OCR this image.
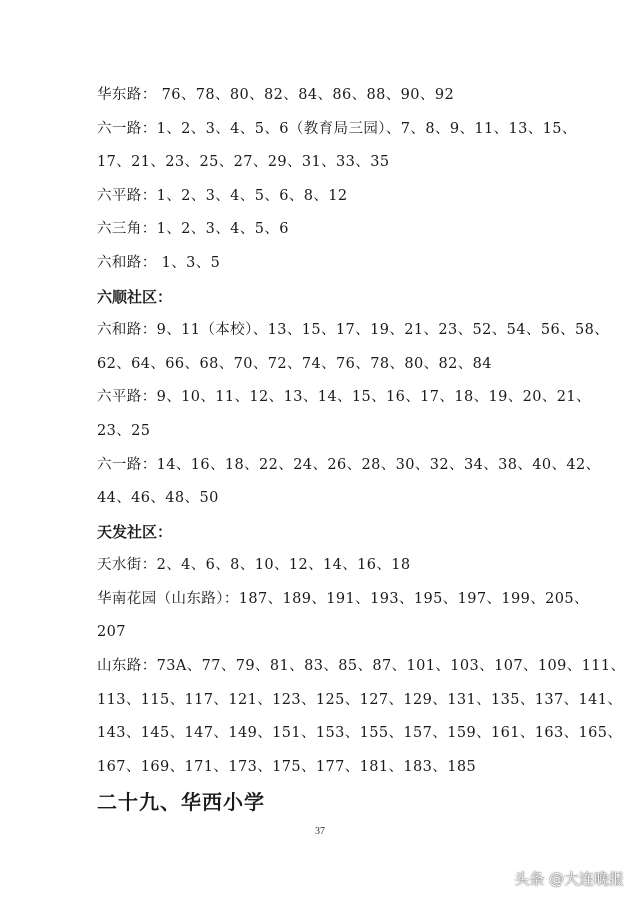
华东路： 76、78、80、82、84、86、88、90、92
六一路：1、2、3、4、5、6（教育局三园）、7、8、9、11、13、15、
17、21、23、25、27、29、31、33、35
六平路：1、2、3、4、5、6、8、12
六三角：1、2、3、4、5、6
六和路： 1、3、5
六顺社区：
六和路：9、11（本校）、13、15、17、19、21、23、52、54、56、58、
62、64、66、68、70、72、74、76、78、80、82、84
六平路：9、10、11、12、13、14、15、16、17、18、19、20、21、
23、25
六一路：14、16、18、22、24、26、28、30、32、34、38、40、42、
44、46、48、50
天发社区：
天水街：2、4、6、8、10、12、14、16、18
华南花园（山东路）：187、189、191、193、195、197、199、205、
207
山东路：73A、77、79、81、83、85、87、101、103、107、109、111、
113、115、117、121、123、125、127、129、131、135、137、141、
143、145、147、149、151、153、155、157、159、161、163、165、
167、169、171、173、175、177、181、183、185
二十九、华西小学
37
头条 @大连晚报
